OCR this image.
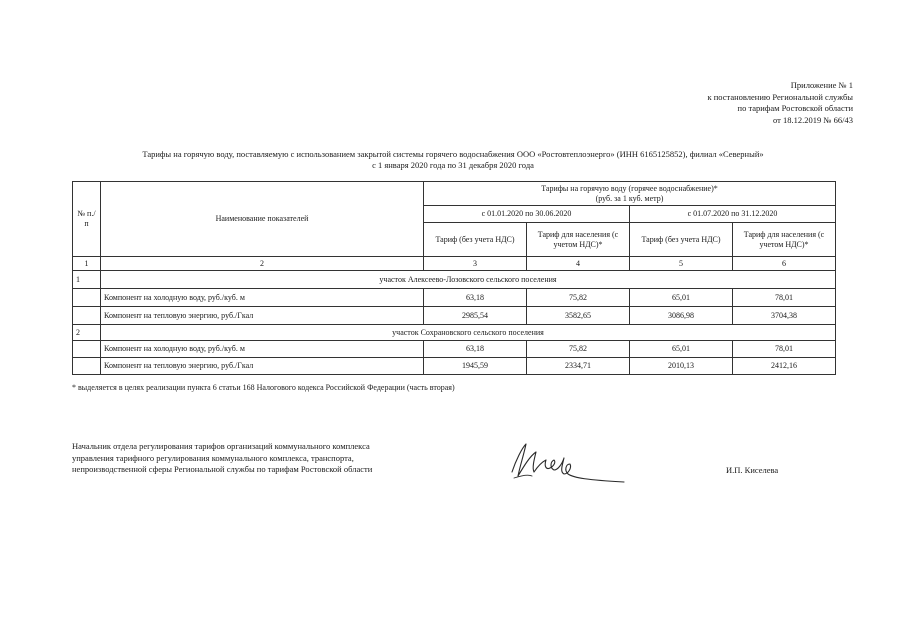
Приложение № 1
к постановлению Региональной службы
по тарифам Ростовской области
от 18.12.2019 № 66/43
Тарифы на горячую воду, поставляемую с использованием закрытой системы горячего водоснабжения ООО «Ростовтеплоэнерго» (ИНН 6165125852), филиал «Северный»
с 1 января 2020 года по 31 декабря 2020 года
№ п./п	Наименование показателей	Тарифы на горячую воду (горячее водоснабжение)*
(руб. за 1 куб. метр)			

		с 01.01.2020 по 30.06.2020		с 01.07.2020 по 31.12.2020	
		Тариф (без учета НДС)	Тариф для населения (с учетом НДС)*	Тариф (без учета НДС)	Тариф для населения (с учетом НДС)*
1	2	3	4	5	6
1	участок Алексеево-Лозовского сельского поселения				
	Компонент на холодную воду, руб./куб. м	63,18	75,82	65,01	78,01
	Компонент на тепловую энергию, руб./Гкал	2985,54	3582,65	3086,98	3704,38
2	участок Сохрановского сельского поселения				
	Компонент на холодную воду, руб./куб. м	63,18	75,82	65,01	78,01
	Компонент на тепловую энергию, руб./Гкал	1945,59	2334,71	2010,13	2412,16
* выделяется в целях реализации пункта 6 статьи 168 Налогового кодекса Российской Федерации (часть вторая)
Начальник отдела регулирования тарифов организаций коммунального комплекса
управления тарифного регулирования коммунального комплекса, транспорта,
непроизводственной сферы Региональной службы по тарифам Ростовской области	И.П. Киселева
